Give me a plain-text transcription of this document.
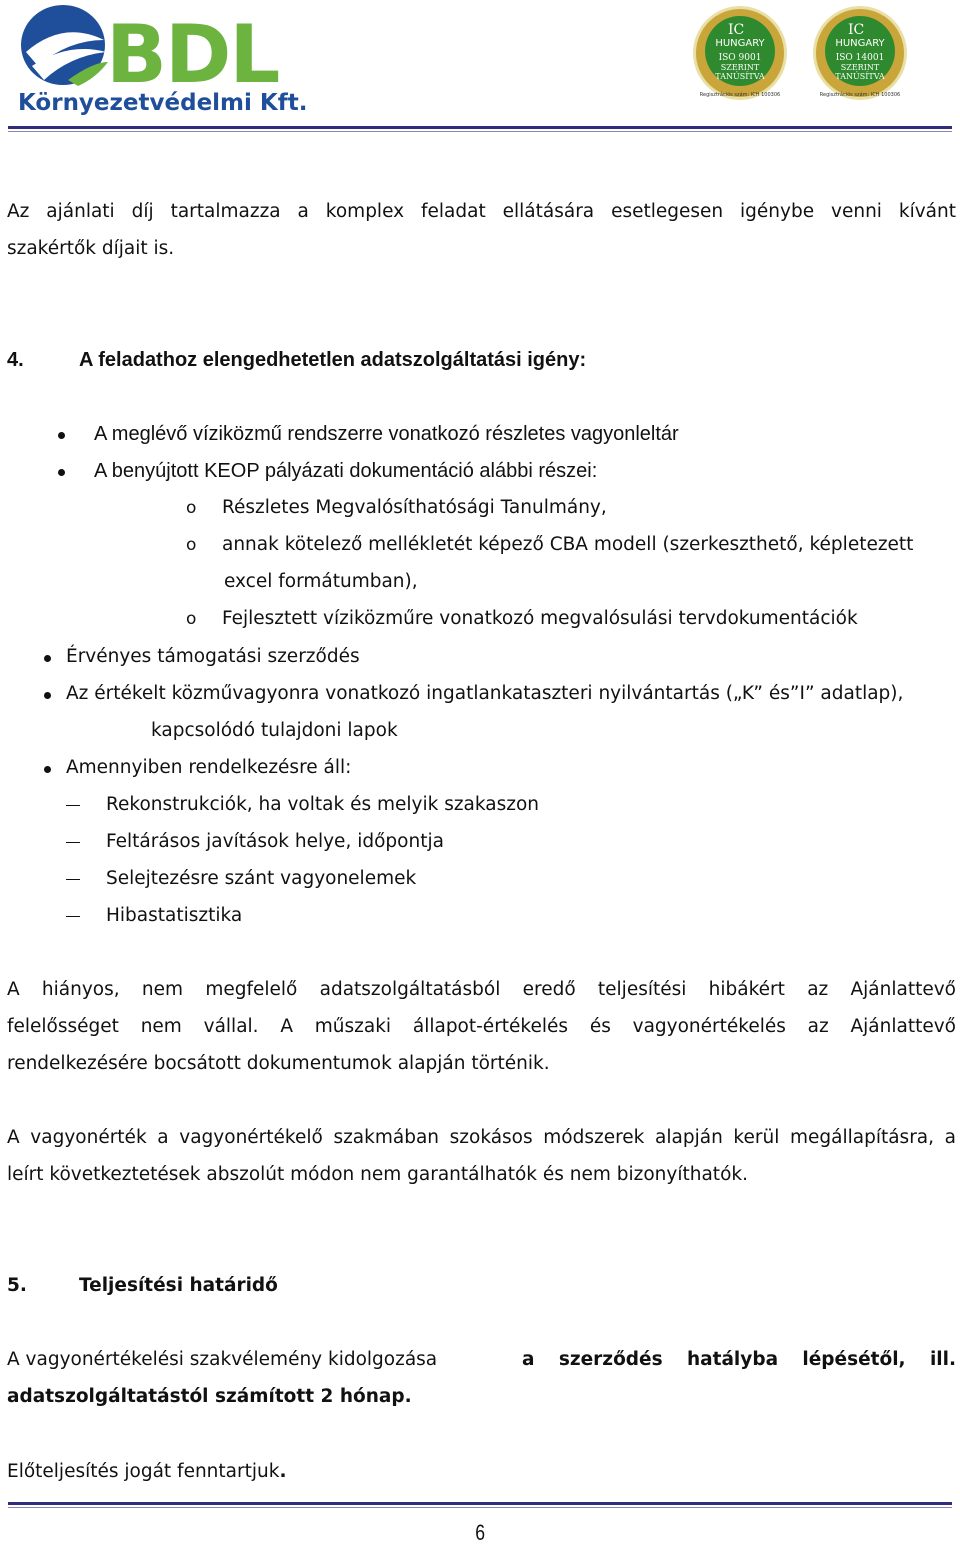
BDL
Környezetvédelmi Kft.
IC
HUNGARY
ISO 9001
SZERINT
TANÚSÍTVA
Regisztrációs szám: ICH 100306
IC
HUNGARY
ISO 14001
SZERINT
TANÚSÍTVA
Regisztrációs szám: ICH 100306
Az ajánlati díj tartalmazza a komplex feladat ellátására esetlegesen igénybe venni kívánt
szakértők díjait is.
4.	A feladathoz elengedhetetlen adatszolgáltatási igény:
A meglévő víziközmű rendszerre vonatkozó részletes vagyonleltár
A benyújtott KEOP pályázati dokumentáció alábbi részei:
o Részletes Megvalósíthatósági Tanulmány,
o annak kötelező mellékletét képező CBA modell (szerkeszthető, képletezett
excel formátumban),
o Fejlesztett víziközműre vonatkozó megvalósulási tervdokumentációk
Érvényes támogatási szerződés
Az értékelt közművagyonra vonatkozó ingatlankataszteri nyilvántartás („K” és”I” adatlap),
kapcsolódó tulajdoni lapok
Amennyiben rendelkezésre áll:
Rekonstrukciók, ha voltak és melyik szakaszon
Feltárásos javítások helye, időpontja
Selejtezésre szánt vagyonelemek
Hibastatisztika
A hiányos, nem megfelelő adatszolgáltatásból eredő teljesítési hibákért az Ajánlattevő
felelősséget nem vállal. A műszaki állapot-értékelés és vagyonértékelés az Ajánlattevő
rendelkezésére bocsátott dokumentumok alapján történik.
A vagyonérték a vagyonértékelő szakmában szokásos módszerek alapján kerül megállapításra, a
leírt következtetések abszolút módon nem garantálhatók és nem bizonyíthatók.
5.	Teljesítési határidő
A vagyonértékelési szakvélemény kidolgozása	a szerződés hatályba lépésétől, ill.
adatszolgáltatástól számított 2 hónap.
Előteljesítés jogát fenntartjuk.
6
